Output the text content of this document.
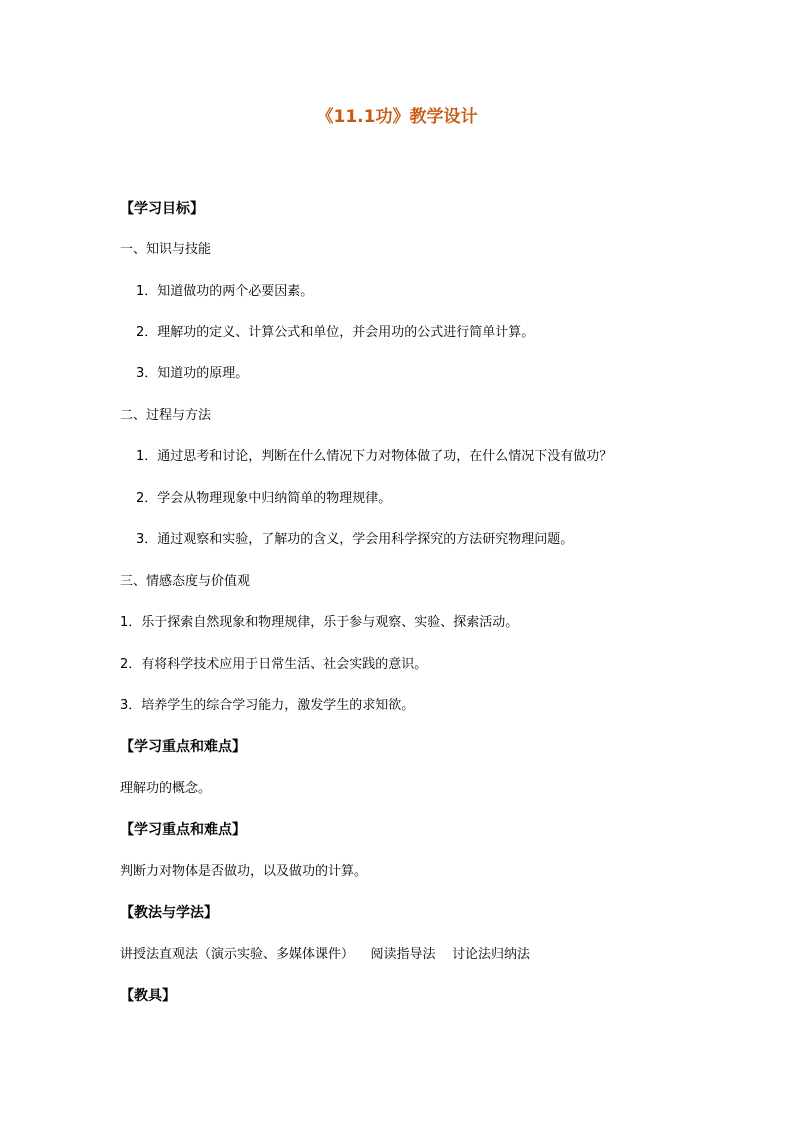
《11.1功》教学设计
【学习目标】
一、知识与技能
1．知道做功的两个必要因素。
2．理解功的定义、计算公式和单位，并会用功的公式进行简单计算。
3．知道功的原理。
二、过程与方法
1．通过思考和讨论，判断在什么情况下力对物体做了功，在什么情况下没有做功？
2．学会从物理现象中归纳简单的物理规律。
3．通过观察和实验，了解功的含义，学会用科学探究的方法研究物理问题。
三、情感态度与价值观
1．乐于探索自然现象和物理规律，乐于参与观察、实验、探索活动。
2．有将科学技术应用于日常生活、社会实践的意识。
3．培养学生的综合学习能力，激发学生的求知欲。
【学习重点和难点】
理解功的概念。
【学习重点和难点】
判断力对物体是否做功，以及做功的计算。
【教法与学法】
讲授法直观法（演示实验、多媒体课件）    阅读指导法    讨论法归纳法
【教具】
